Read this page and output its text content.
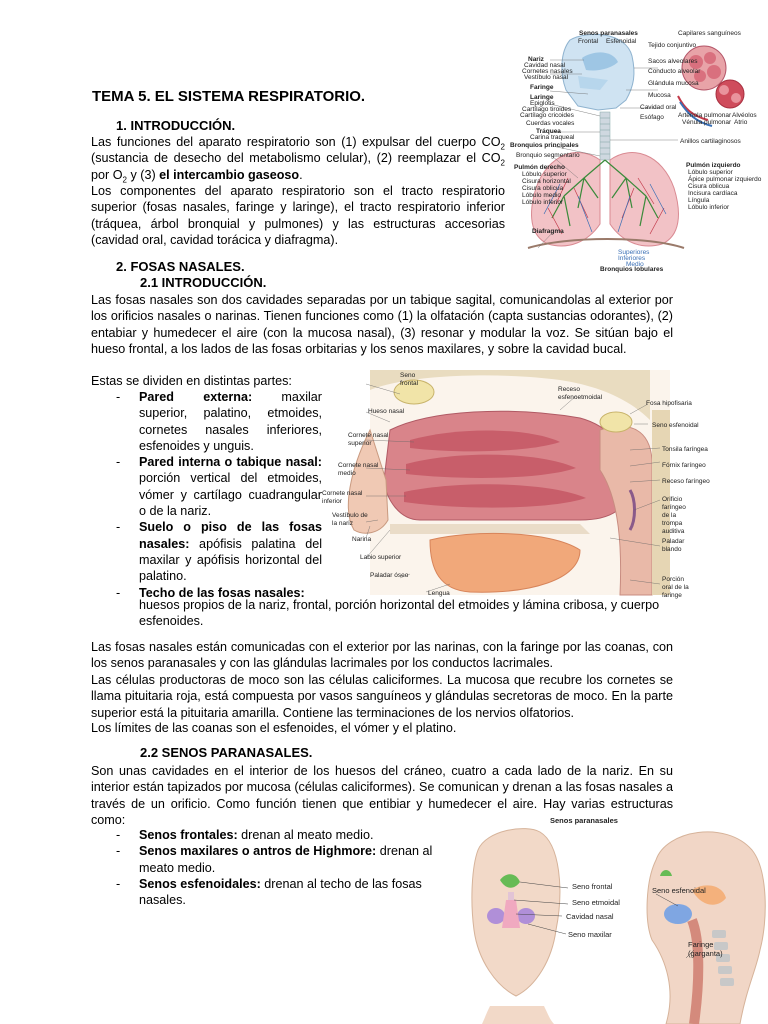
Senos paranasales
Frontal Esfenoidal
Nariz
Cavidad nasal
Cornetes nasales
Vestíbulo nasal
Faringe
Laringe
Epiglotis
Cartílago tiroides
Cartílago cricoides
Cuerdas vocales
Tráquea
Carina traqueal
Bronquios principales
Bronquio segmentario
Pulmón derecho
Lóbulo superior
Cisura horizontal
Cisura oblicua
Lóbulo medio
Lóbulo inferior
Diafragma
Capilares sanguíneos
Tejido conjuntivo
Sacos alveolares
Conducto alveolar
Glándula mucosa
Mucosa
Cavidad oral
Esófago Arteriola pulmonar
Vénula pulmonar
Alvéolos
Atrio
Anillos cartilaginosos
Pulmón izquierdo
Lóbulo superior
Ápice pulmonar izquierdo
Cisura oblicua
Incisura cardíaca
Língula
Lóbulo inferior
Superiores
Inferiores
Medio
Bronquios lobulares
TEMA 5. EL SISTEMA RESPIRATORIO.
1. INTRODUCCIÓN.
Las funciones del aparato respiratorio son (1) expulsar del cuerpo $CO_2$ (sustancia de desecho del metabolismo celular), (2) reemplazar el $CO_2$ por $O_2$ y (3) el intercambio gaseoso.
Los componentes del aparato respiratorio son el tracto respiratorio superior (fosas nasales, faringe y laringe), el tracto respiratorio inferior (tráquea, árbol bronquial y pulmones) y las estructuras accesorias (cavidad oral, cavidad torácica y diafragma).
2. FOSAS NASALES.
2.1 INTRODUCCIÓN.
Las fosas nasales son dos cavidades separadas por un tabique sagital, comunicandolas al exterior por los orificios nasales o narinas. Tienen funciones como (1) la olfatación (capta sustancias odorantes), (2) entabiar y humedecer el aire (con la mucosa nasal), (3) resonar y modular la voz. Se sitúan bajo el hueso frontal, a los lados de las fosas orbitarias y los senos maxilares, y sobre la cavidad bucal.
Estas se dividen en distintas partes:
- Pared externa: maxilar superior, palatino, etmoides, cornetes nasales inferiores, esfenoides y unguis.
- Pared interna o tabique nasal: porción vertical del etmoides, vómer y cartílago cuadrangular o de la nariz.
- Suelo o piso de las fosas nasales: apófisis palatina del maxilar y apófisis horizontal del palatino.
- Techo de las fosas nasales:
huesos propios de la nariz, frontal, porción horizontal del etmoides y lámina cribosa, y cuerpo esfenoides.
Seno frontal
Hueso nasal
Cornete nasal superior
Cornete nasal medio
Cornete nasal inferior
Vestíbulo de la nariz
Narina
Labio superior
Paladar óseo
Lengua
Receso esfenoetmoidal
Fosa hipofisaria
Seno esfenoidal
Tonsila faríngea
Fórnix faríngeo
Receso faríngeo
Orificio faríngeo de la trompa auditiva
Paladar blando
Porción oral de la faringe
Las fosas nasales están comunicadas con el exterior por las narinas, con la faringe por las coanas, con los senos paranasales y con las glándulas lacrimales por los conductos lacrimales.
Las células productoras de moco son las células caliciformes. La mucosa que recubre los cornetes se llama pituitaria roja, está compuesta por vasos sanguíneos y glándulas secretoras de moco. En la parte superior está la pituitaria amarilla. Contiene las terminaciones de los nervios olfatorios.
Los límites de las coanas son el esfenoides, el vómer y el platino.
2.2 SENOS PARANASALES.
Son unas cavidades en el interior de los huesos del cráneo, cuatro a cada lado de la nariz. En su interior están tapizados por mucosa (células caliciformes). Se comunican y drenan a las fosas nasales a través de un orificio. Como función tienen que entibiar y humedecer el aire. Hay varias estructuras como:
- Senos frontales: drenan al meato medio.
- Senos maxilares o antros de Highmore: drenan al meato medio.
- Senos esfenoidales: drenan al techo de las fosas nasales.
Senos paranasales
Seno frontal
Seno etmoidal
Cavidad nasal
Seno maxilar
Seno esfenoidal
Faringe (garganta)
